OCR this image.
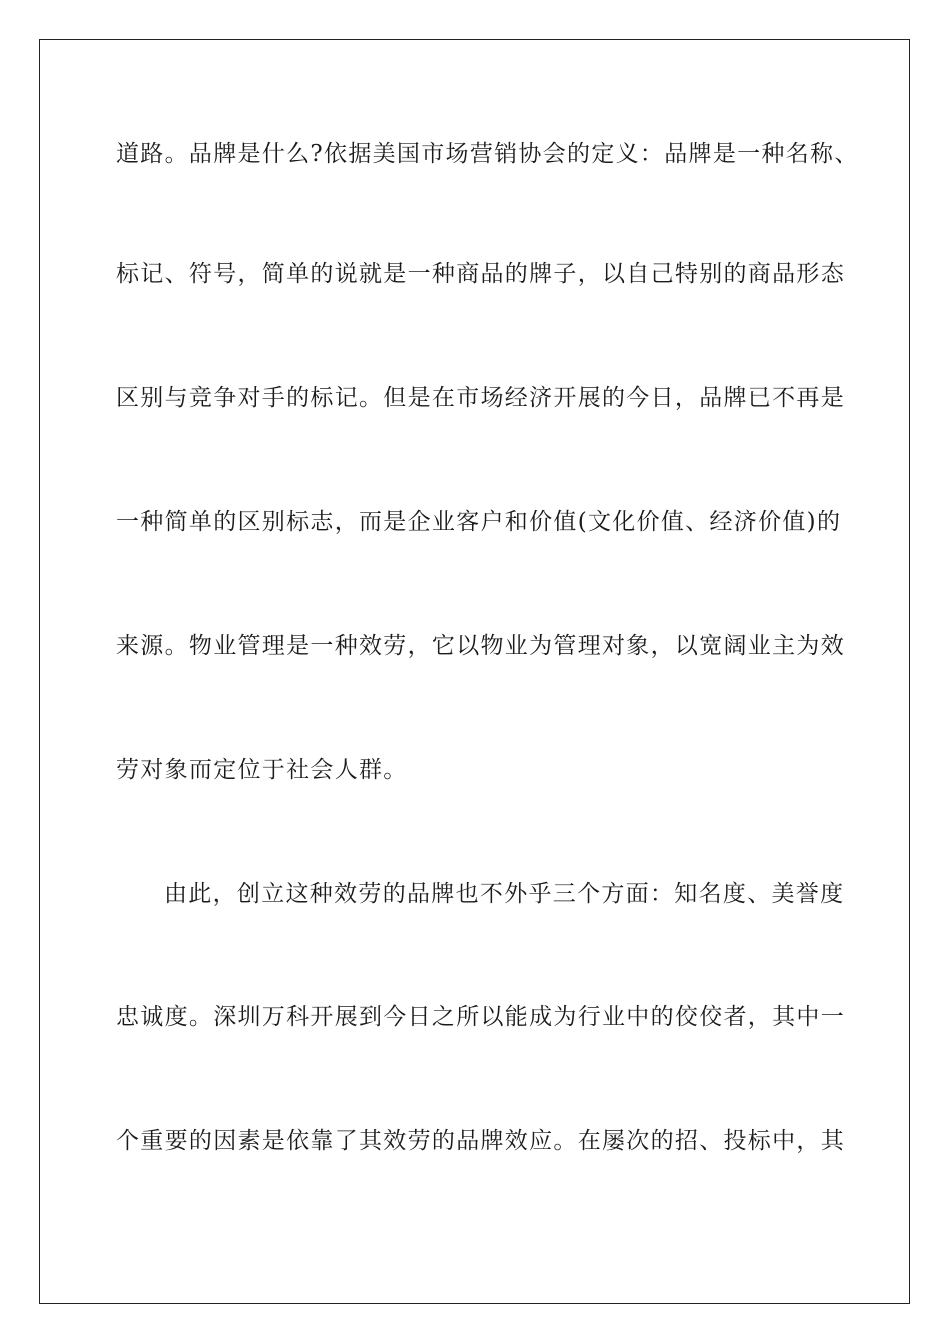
道路。品牌是什么?依据美国市场营销协会的定义：品牌是一种名称、
标记、符号，简单的说就是一种商品的牌子，以自己特别的商品形态
区别与竞争对手的标记。但是在市场经济开展的今日，品牌已不再是
一种简单的区别标志，而是企业客户和价值(文化价值、经济价值)的
来源。物业管理是一种效劳，它以物业为管理对象，以宽阔业主为效
劳对象而定位于社会人群。
由此，创立这种效劳的品牌也不外乎三个方面：知名度、美誉度
忠诚度。深圳万科开展到今日之所以能成为行业中的佼佼者，其中一
个重要的因素是依靠了其效劳的品牌效应。在屡次的招、投标中，其
